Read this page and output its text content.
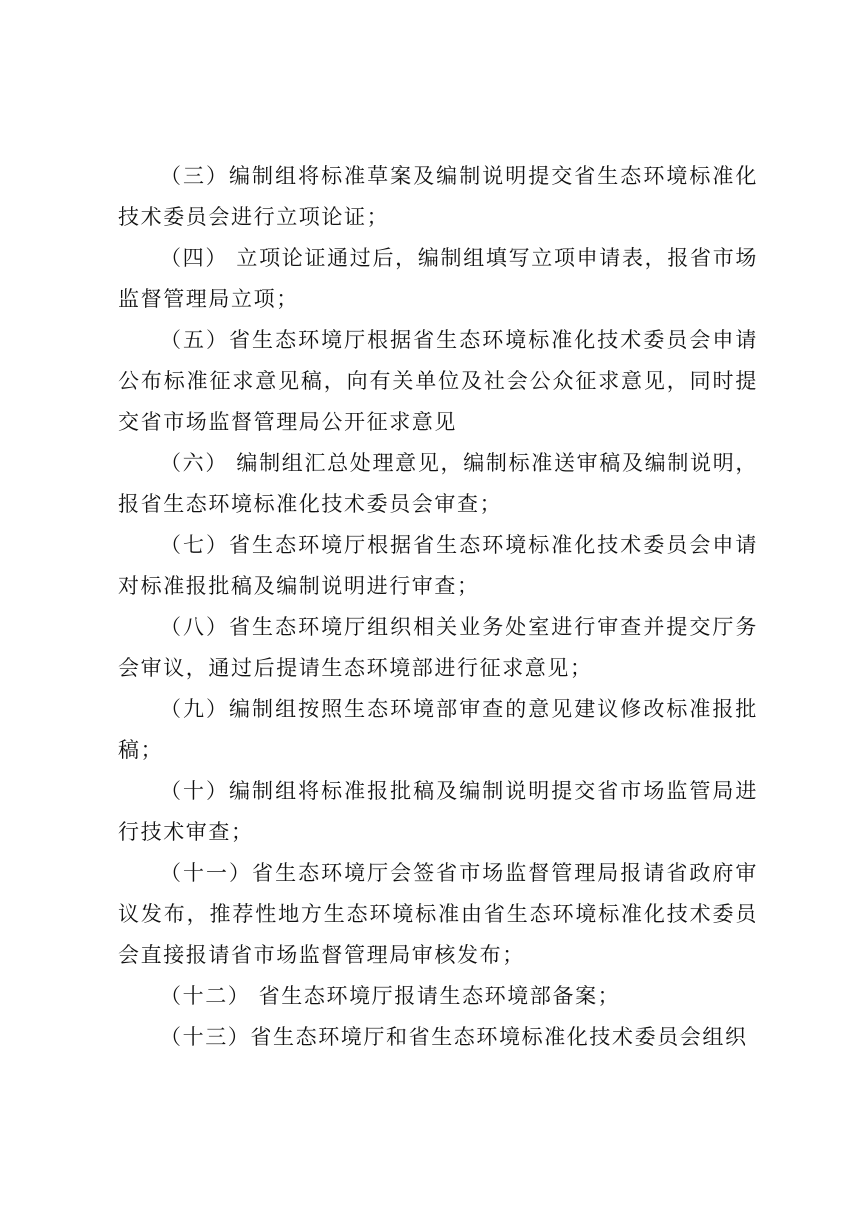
（三）编制组将标准草案及编制说明提交省生态环境标准化技术委员会进行立项论证；

（四） 立项论证通过后，编制组填写立项申请表，报省市场监督管理局立项；

（五）省生态环境厅根据省生态环境标准化技术委员会申请公布标准征求意见稿，向有关单位及社会公众征求意见，同时提交省市场监督管理局公开征求意见

（六） 编制组汇总处理意见，编制标准送审稿及编制说明，报省生态环境标准化技术委员会审查；

（七）省生态环境厅根据省生态环境标准化技术委员会申请对标准报批稿及编制说明进行审查；

（八）省生态环境厅组织相关业务处室进行审查并提交厅务会审议，通过后提请生态环境部进行征求意见；

（九）编制组按照生态环境部审查的意见建议修改标准报批稿；

（十）编制组将标准报批稿及编制说明提交省市场监管局进行技术审查；

（十一）省生态环境厅会签省市场监督管理局报请省政府审议发布，推荐性地方生态环境标准由省生态环境标准化技术委员会直接报请省市场监督管理局审核发布；

（十二） 省生态环境厅报请生态环境部备案；

（十三）省生态环境厅和省生态环境标准化技术委员会组织
